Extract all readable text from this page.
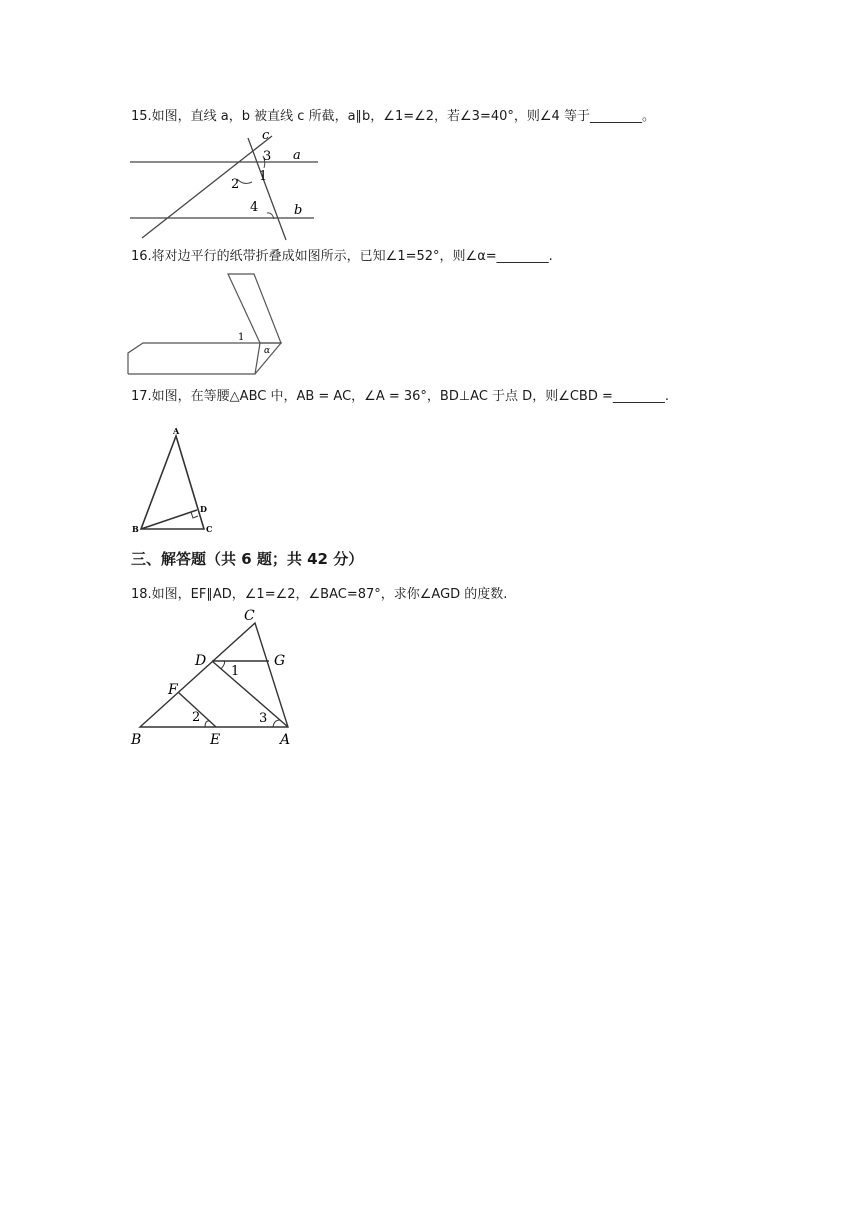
15.如图，直线 a，b 被直线 c 所截，a∥b，∠1=∠2，若∠3=40°，则∠4 等于________。
c
3 a
1
2
4	b
16.将对边平行的纸带折叠成如图所示，已知∠1=52°，则∠α=________.
1
α
17.如图，在等腰△ABC 中，AB = AC，∠A = 36°，BD⊥AC 于点 D，则∠CBD =________.
A
B	C
D
三、解答题（共 6 题；共 42 分）
18.如图，EF∥AD，∠1=∠2，∠BAC=87°，求你∠AGD 的度数.
C
D	G
1
F
2	3
B	E	A
